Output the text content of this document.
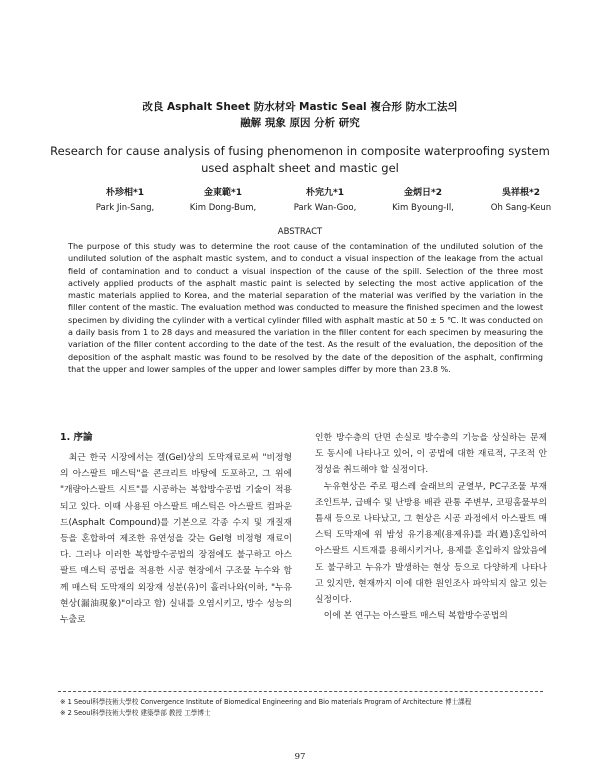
改良 Asphalt Sheet 防水材와 Mastic Seal 複合形 防水工法의
融解 現象 原因 分析 研究
Research for cause analysis of fusing phenomenon in composite waterproofing system
used asphalt sheet and mastic gel
朴珍相*1
Park Jin-Sang,
金東範*1
Kim Dong-Bum,
朴完九*1
Park Wan-Goo,
金炳日*2
Kim Byoung-Il,
吳祥根*2
Oh Sang-Keun
ABSTRACT

The purpose of this study was to determine the root cause of the contamination of the undiluted solution of the undiluted solution of the asphalt mastic system, and to conduct a visual inspection of the leakage from the actual field of contamination and to conduct a visual inspection of the cause of the spill. Selection of the three most actively applied products of the asphalt mastic paint is selected by selecting the most active application of the mastic materials applied to Korea, and the material separation of the material was verified by the variation in the filler content of the mastic. The evaluation method was conducted to measure the finished specimen and the lowest specimen by dividing the cylinder with a vertical cylinder filled with asphalt mastic at 50 ± 5 ℃. It was conducted on a daily basis from 1 to 28 days and measured the variation in the filler content for each specimen by measuring the variation of the filler content according to the date of the test. As the result of the evaluation, the deposition of the deposition of the asphalt mastic was found to be resolved by the date of the deposition of the asphalt, confirming that the upper and lower samples of the upper and lower samples differ by more than 23.8 %.

1. 序論

최근 한국 시장에서는 겔(Gel)상의 도막재료로써 "비정형의 아스팔트 매스틱"을 콘크리트 바탕에 도포하고, 그 위에 "개량아스팔트 시트"를 시공하는 복합방수공법 기술이 적용되고 있다. 이때 사용된 아스팔트 매스틱은 아스팔트 컴파운드(Asphalt Compound)를 기본으로 각종 수지 및 개질재 등을 혼합하여 제조한 유연성을 갖는 Gel형 비정형 재료이다. 그러나 이러한 복합방수공법의 장점에도 불구하고 아스팔트 매스틱 공법을 적용한 시공 현장에서 구조물 누수와 함께 매스틱 도막재의 외장재 성분(유)이 흘러나와(이하, "누유 현상(漏油現象)"이라고 함) 실내를 오염시키고, 방수 성능의 누출로

인한 방수층의 단면 손실로 방수층의 기능을 상실하는 문제도 동시에 나타나고 있어, 이 공법에 대한 재료적, 구조적 안정성을 취드해야 할 실정이다.

누유현상은 주로 평스레 슬래브의 균열부, PC구조물 부재 조인트부, 급배수 및 난방용 배관 관통 주변부, 코핑홈물부의 틈새 등으로 나타났고, 그 현상은 시공 과정에서 아스팔트 매스틱 도막재에 위 밤성 유기용제(용제유)를 과(過)혼입하여 아스팔트 시트재를 용해시키거나, 용제를 혼입하지 않았음에도 불구하고 누유가 발생하는 현상 등으로 다양하게 나타나고 있지만, 현재까지 이에 대한 원인조사 파악되지 않고 있는 실정이다.

이에 본 연구는 아스팔트 매스틱 복합방수공법의

※ 1 Seoul科學技術大學校 Convergence Institute of Biomedical Engineering and Bio materials Program of Architecture 博士課程
※ 2 Seoul科學技術大學校 建築學部 教授 工學博士
97
